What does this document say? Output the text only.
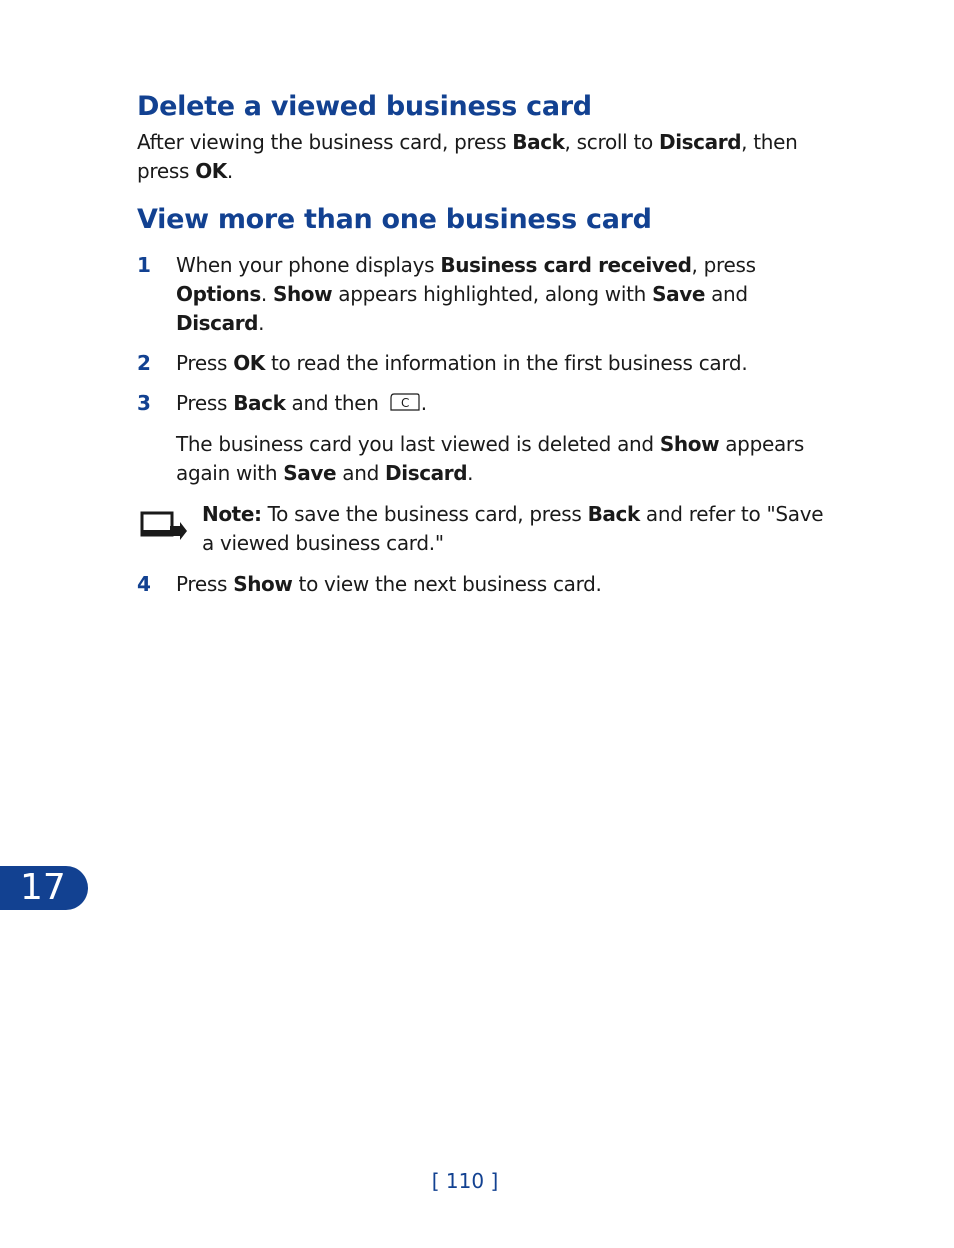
Delete a viewed business card

After viewing the business card, press Back, scroll to Discard, then press OK.

View more than one business card
1 When your phone displays Business card received, press Options. Show appears highlighted, along with Save and Discard.

2 Press OK to read the information in the first business card.

3 Press Back and then C .

The business card you last viewed is deleted and Show appears again with Save and Discard.

Note: To save the business card, press Back and refer to "Save a viewed business card."

4 Press Show to view the next business card.

17
[ 110 ]
